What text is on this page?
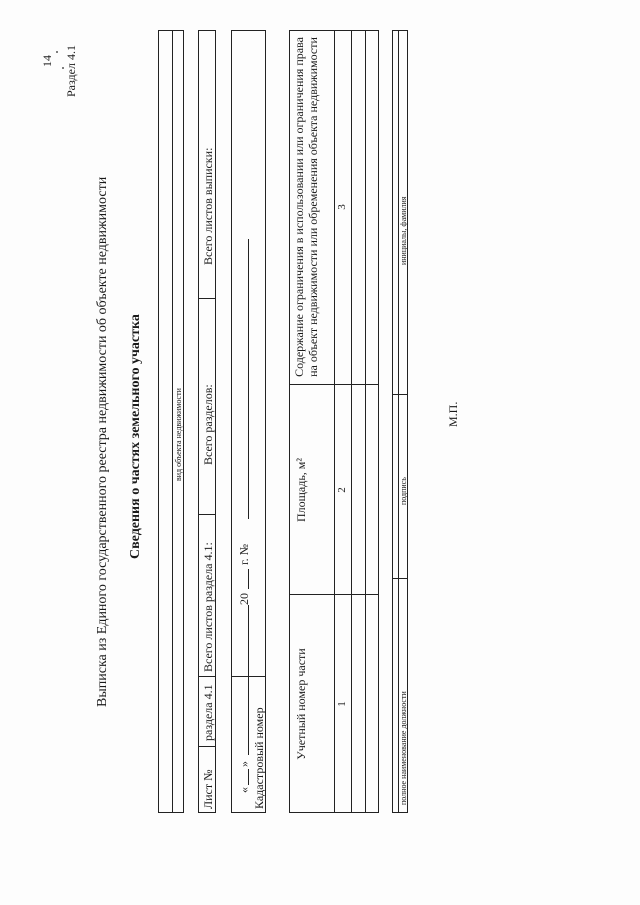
14 Раздел 4.1
Выписка из Единого государственного реестра недвижимости об объекте недвижимости Сведения о частях земельного участка	вид объекта недвижимости
Лист №
раздела 4.1
Всего листов раздела 4.1:
Всего разделов:
Всего листов выписки:
«
»
20
г. №
Кадастровый номер Учетный номер части
Площадь, м²
Содержание ограничения в использовании или ограничения права на объект недвижимости или обременения объекта недвижимости
1
2
3
полное наименование должности
подпись
инициалы, фамилия
М.П.
